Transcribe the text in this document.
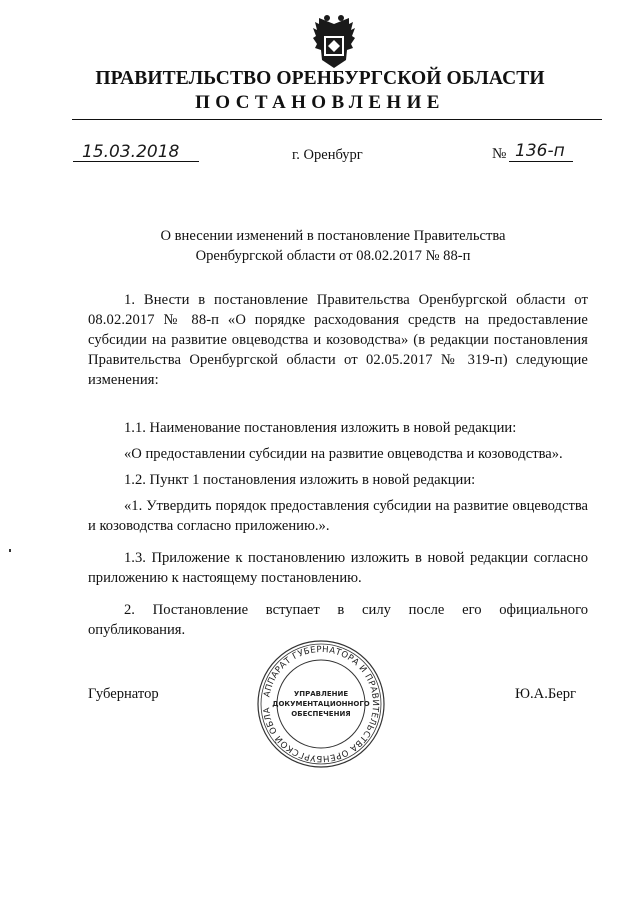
ПРАВИТЕЛЬСТВО ОРЕНБУРГСКОЙ ОБЛАСТИ
ПОСТАНОВЛЕНИЕ
15.03.2018	г. Оренбург	№ 136-п
О внесении изменений в постановление Правительства
Оренбургской области от 08.02.2017 № 88-п
1. Внести в постановление Правительства Оренбургской области от 08.02.2017 № 88-п «О порядке расходования средств на предоставление субсидии на развитие овцеводства и козоводства» (в редакции постановления Правительства Оренбургской области от 02.05.2017 № 319-п) следующие изменения:
1.1. Наименование постановления изложить в новой редакции:
«О предоставлении субсидии на развитие овцеводства и козоводства».
1.2. Пункт 1 постановления изложить в новой редакции:
«1. Утвердить порядок предоставления субсидии на развитие овцеводства и козоводства согласно приложению.».
1.3. Приложение к постановлению изложить в новой редакции согласно приложению к настоящему постановлению.
2. Постановление вступает в силу после его официального опубликования.
Губернатор	Ю.А.Берг
АППАРАТ ГУБЕРНАТОРА И ПРАВИТЕЛЬСТВА ОРЕНБУРГСКОЙ ОБЛА
УПРАВЛЕНИЕ
ДОКУМЕНТАЦИОННОГО
ОБЕСПЕЧЕНИЯ
